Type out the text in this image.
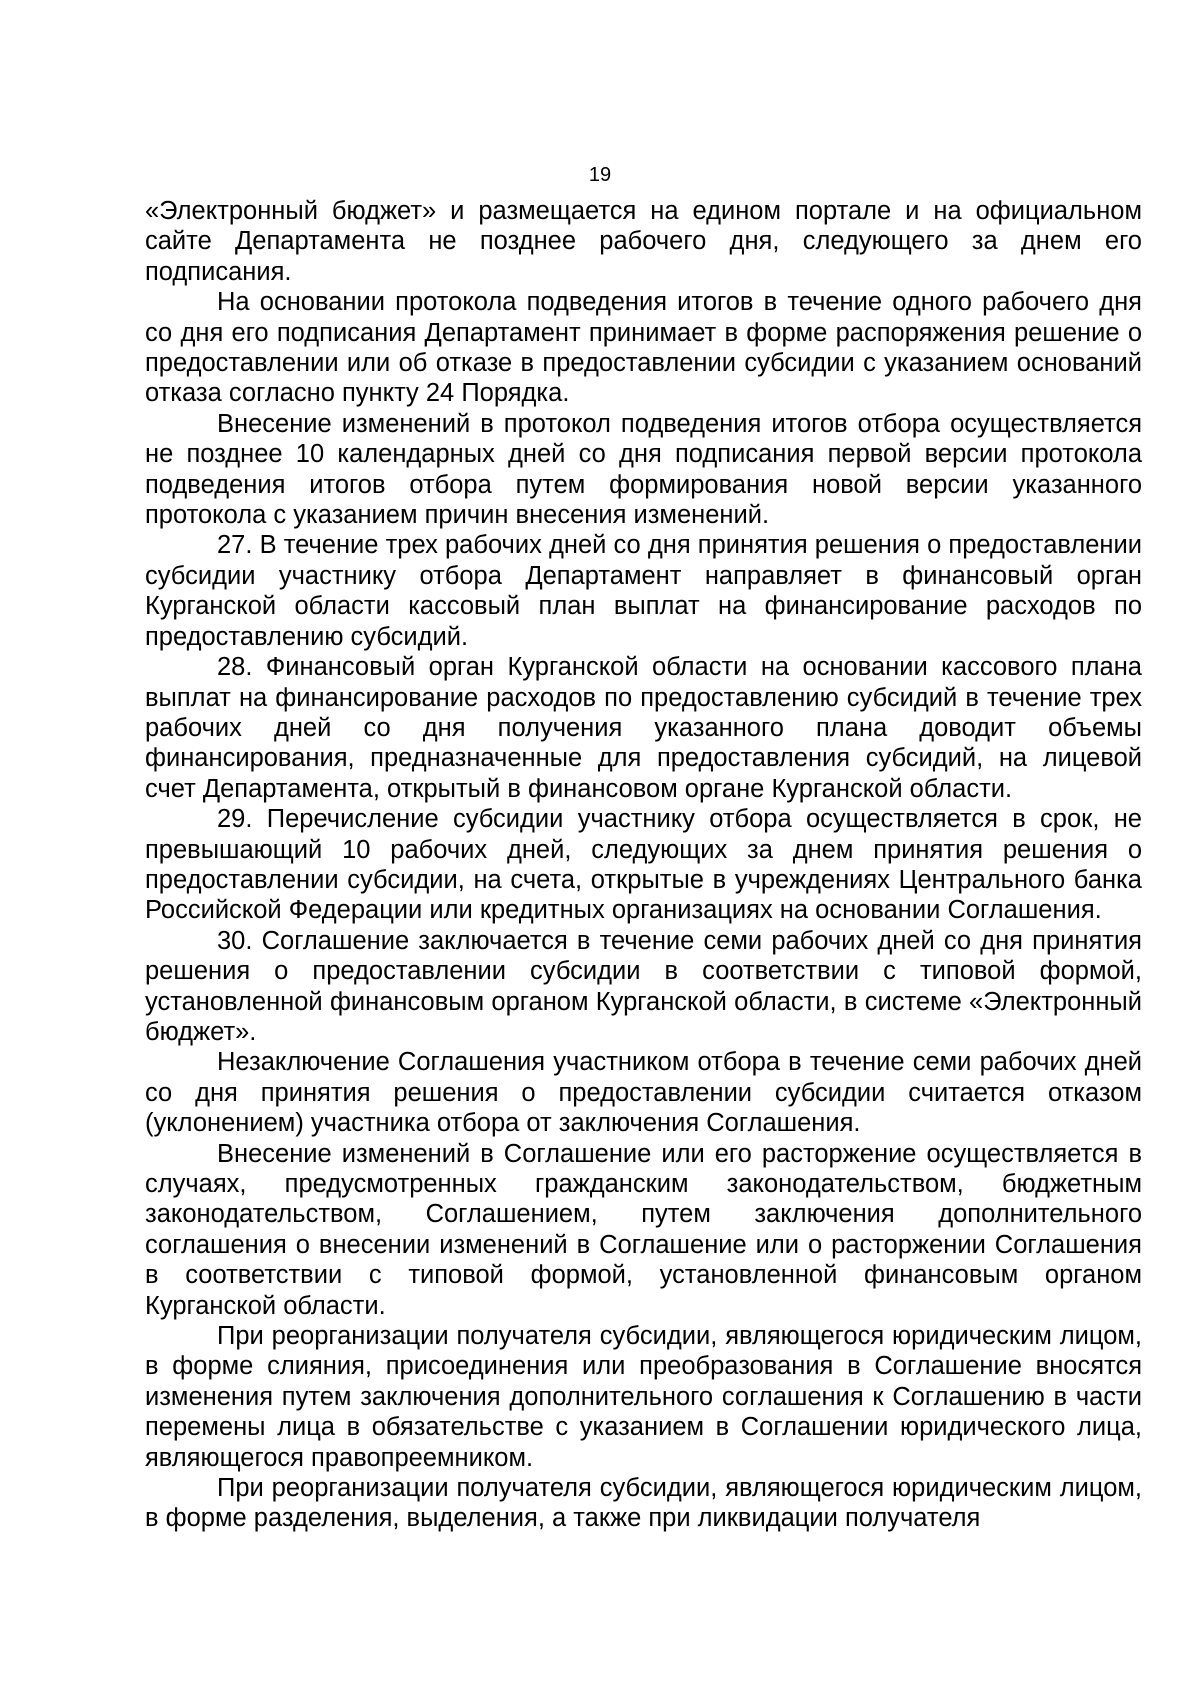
19

«Электронный бюджет» и размещается на едином портале и на официальном сайте Департамента не позднее рабочего дня, следующего за днем его подписания.

На основании протокола подведения итогов в течение одного рабочего дня со дня его подписания Департамент принимает в форме распоряжения решение о предоставлении или об отказе в предоставлении субсидии с указанием оснований отказа согласно пункту 24 Порядка.

Внесение изменений в протокол подведения итогов отбора осуществляется не позднее 10 календарных дней со дня подписания первой версии протокола подведения итогов отбора путем формирования новой версии указанного протокола с указанием причин внесения изменений.

27. В течение трех рабочих дней со дня принятия решения о предоставлении субсидии участнику отбора Департамент направляет в финансовый орган Курганской области кассовый план выплат на финансирование расходов по предоставлению субсидий.

28. Финансовый орган Курганской области на основании кассового плана выплат на финансирование расходов по предоставлению субсидий в течение трех рабочих дней со дня получения указанного плана доводит объемы финансирования, предназначенные для предоставления субсидий, на лицевой счет Департамента, открытый в финансовом органе Курганской области.

29. Перечисление субсидии участнику отбора осуществляется в срок, не превышающий 10 рабочих дней, следующих за днем принятия решения о предоставлении субсидии, на счета, открытые в учреждениях Центрального банка Российской Федерации или кредитных организациях на основании Соглашения.

30. Соглашение заключается в течение семи рабочих дней со дня принятия решения о предоставлении субсидии в соответствии с типовой формой, установленной финансовым органом Курганской области, в системе «Электронный бюджет».

Незаключение Соглашения участником отбора в течение семи рабочих дней со дня принятия решения о предоставлении субсидии считается отказом (уклонением) участника отбора от заключения Соглашения.

Внесение изменений в Соглашение или его расторжение осуществляется в случаях, предусмотренных гражданским законодательством, бюджетным законодательством, Соглашением, путем заключения дополнительного соглашения о внесении изменений в Соглашение или о расторжении Соглашения в соответствии с типовой формой, установленной финансовым органом Курганской области.

При реорганизации получателя субсидии, являющегося юридическим лицом, в форме слияния, присоединения или преобразования в Соглашение вносятся изменения путем заключения дополнительного соглашения к Соглашению в части перемены лица в обязательстве с указанием в Соглашении юридического лица, являющегося правопреемником.

При реорганизации получателя субсидии, являющегося юридическим лицом, в форме разделения, выделения, а также при ликвидации получателя
